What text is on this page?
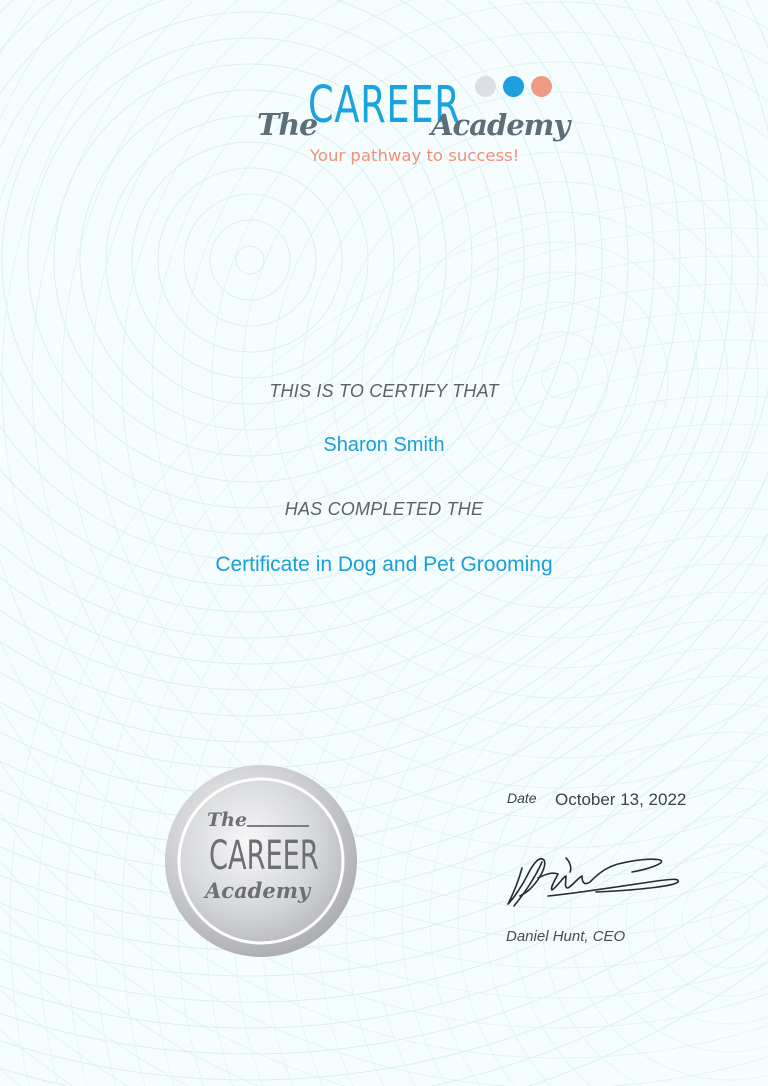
The
CAREER
Academy
Your pathway to success!
THIS IS TO CERTIFY THAT
Sharon Smith
HAS COMPLETED THE
Certificate in Dog and Pet Grooming
The
CAREER
Academy
Date October 13, 2022
Daniel Hunt, CEO
